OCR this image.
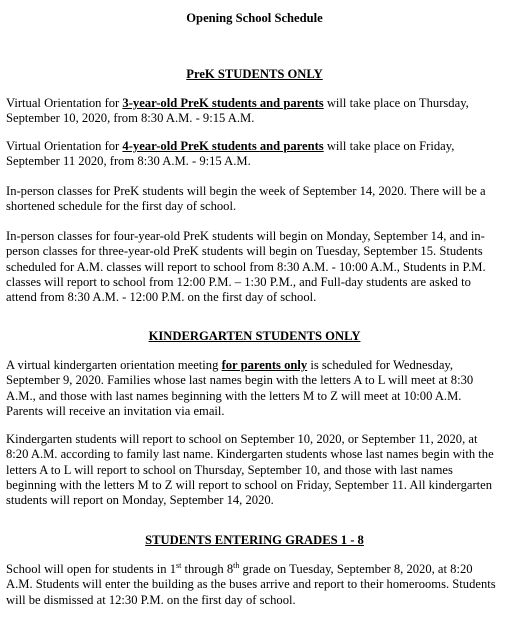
Opening School Schedule
PreK STUDENTS ONLY

Virtual Orientation for 3-year-old PreK students and parents will take place on Thursday,
September 10, 2020, from 8:30 A.M. - 9:15 A.M.

Virtual Orientation for 4-year-old PreK students and parents will take place on Friday,
September 11 2020, from 8:30 A.M. - 9:15 A.M.

In-person classes for PreK students will begin the week of September 14, 2020. There will be a
shortened schedule for the first day of school.

In-person classes for four-year-old PreK students will begin on Monday, September 14, and in-
person classes for three-year-old PreK students will begin on Tuesday, September 15. Students
scheduled for A.M. classes will report to school from 8:30 A.M. - 10:00 A.M., Students in P.M.
classes will report to school from 12:00 P.M. – 1:30 P.M., and Full-day students are asked to
attend from 8:30 A.M. - 12:00 P.M. on the first day of school.

KINDERGARTEN STUDENTS ONLY

A virtual kindergarten orientation meeting for parents only is scheduled for Wednesday,
September 9, 2020. Families whose last names begin with the letters A to L will meet at 8:30
A.M., and those with last names beginning with the letters M to Z will meet at 10:00 A.M.
Parents will receive an invitation via email.

Kindergarten students will report to school on September 10, 2020, or September 11, 2020, at
8:20 A.M. according to family last name. Kindergarten students whose last names begin with the
letters A to L will report to school on Thursday, September 10, and those with last names
beginning with the letters M to Z will report to school on Friday, September 11. All kindergarten
students will report on Monday, September 14, 2020.

STUDENTS ENTERING GRADES 1 - 8

School will open for students in 1st through 8th grade on Tuesday, September 8, 2020, at 8:20
A.M. Students will enter the building as the buses arrive and report to their homerooms. Students
will be dismissed at 12:30 P.M. on the first day of school.
